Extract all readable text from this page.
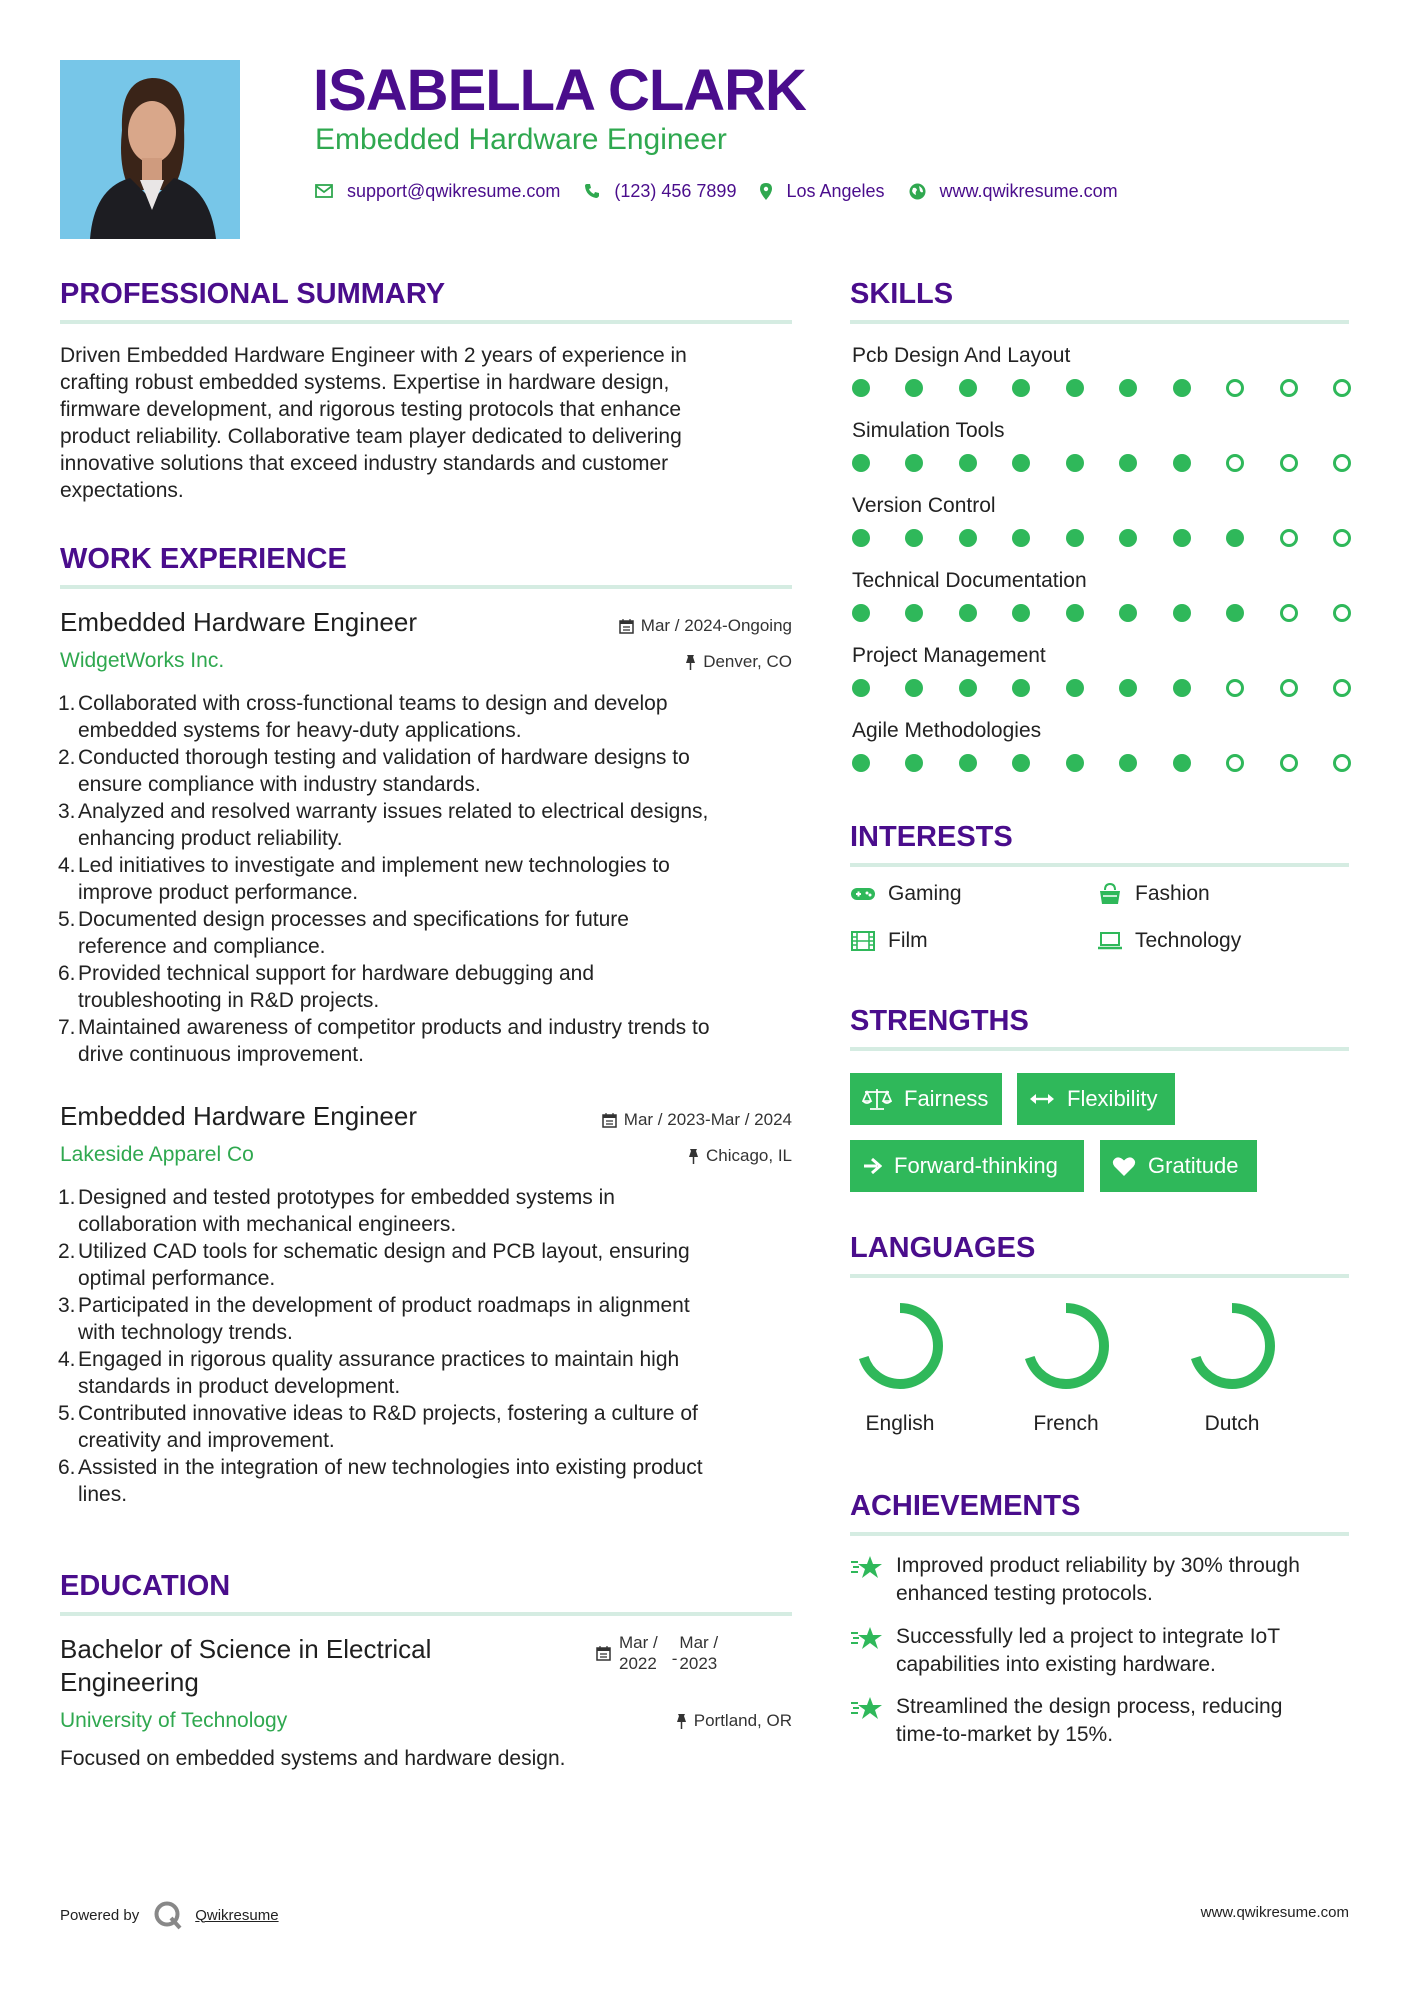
ISABELLA CLARK
Embedded Hardware Engineer
support@qwikresume.com	(123) 456 7899	Los Angeles	www.qwikresume.com
PROFESSIONAL SUMMARY
Driven Embedded Hardware Engineer with 2 years of experience in
crafting robust embedded systems. Expertise in hardware design,
firmware development, and rigorous testing protocols that enhance
product reliability. Collaborative team player dedicated to delivering
innovative solutions that exceed industry standards and customer
expectations.
WORK EXPERIENCE
Embedded Hardware Engineer	Mar / 2024-Ongoing
WidgetWorks Inc.	Denver, CO
1. Collaborated with cross-functional teams to design and develop
embedded systems for heavy-duty applications.
2. Conducted thorough testing and validation of hardware designs to
ensure compliance with industry standards.
3. Analyzed and resolved warranty issues related to electrical designs,
enhancing product reliability.
4. Led initiatives to investigate and implement new technologies to
improve product performance.
5. Documented design processes and specifications for future
reference and compliance.
6. Provided technical support for hardware debugging and
troubleshooting in R&D projects.
7. Maintained awareness of competitor products and industry trends to
drive continuous improvement.
Embedded Hardware Engineer	Mar / 2023-Mar / 2024
Lakeside Apparel Co	Chicago, IL
1. Designed and tested prototypes for embedded systems in
collaboration with mechanical engineers.
2. Utilized CAD tools for schematic design and PCB layout, ensuring
optimal performance.
3. Participated in the development of product roadmaps in alignment
with technology trends.
4. Engaged in rigorous quality assurance practices to maintain high
standards in product development.
5. Contributed innovative ideas to R&D projects, fostering a culture of
creativity and improvement.
6. Assisted in the integration of new technologies into existing product
lines.
EDUCATION
Bachelor of Science in Electrical
Engineering
Mar /
2022 -
Mar /
2023
University of Technology	Portland, OR
Focused on embedded systems and hardware design.
SKILLS
Pcb Design And Layout
Simulation Tools
Version Control
Technical Documentation
Project Management
Agile Methodologies
INTERESTS
Gaming	Fashion
Film	Technology
STRENGTHS
Fairness	Flexibility
Forward-thinking	Gratitude
LANGUAGES
English	French	Dutch
ACHIEVEMENTS
Improved product reliability by 30% through
enhanced testing protocols.
Successfully led a project to integrate IoT
capabilities into existing hardware.
Streamlined the design process, reducing
time-to-market by 15%.
Powered by	Qwikresume	www.qwikresume.com
